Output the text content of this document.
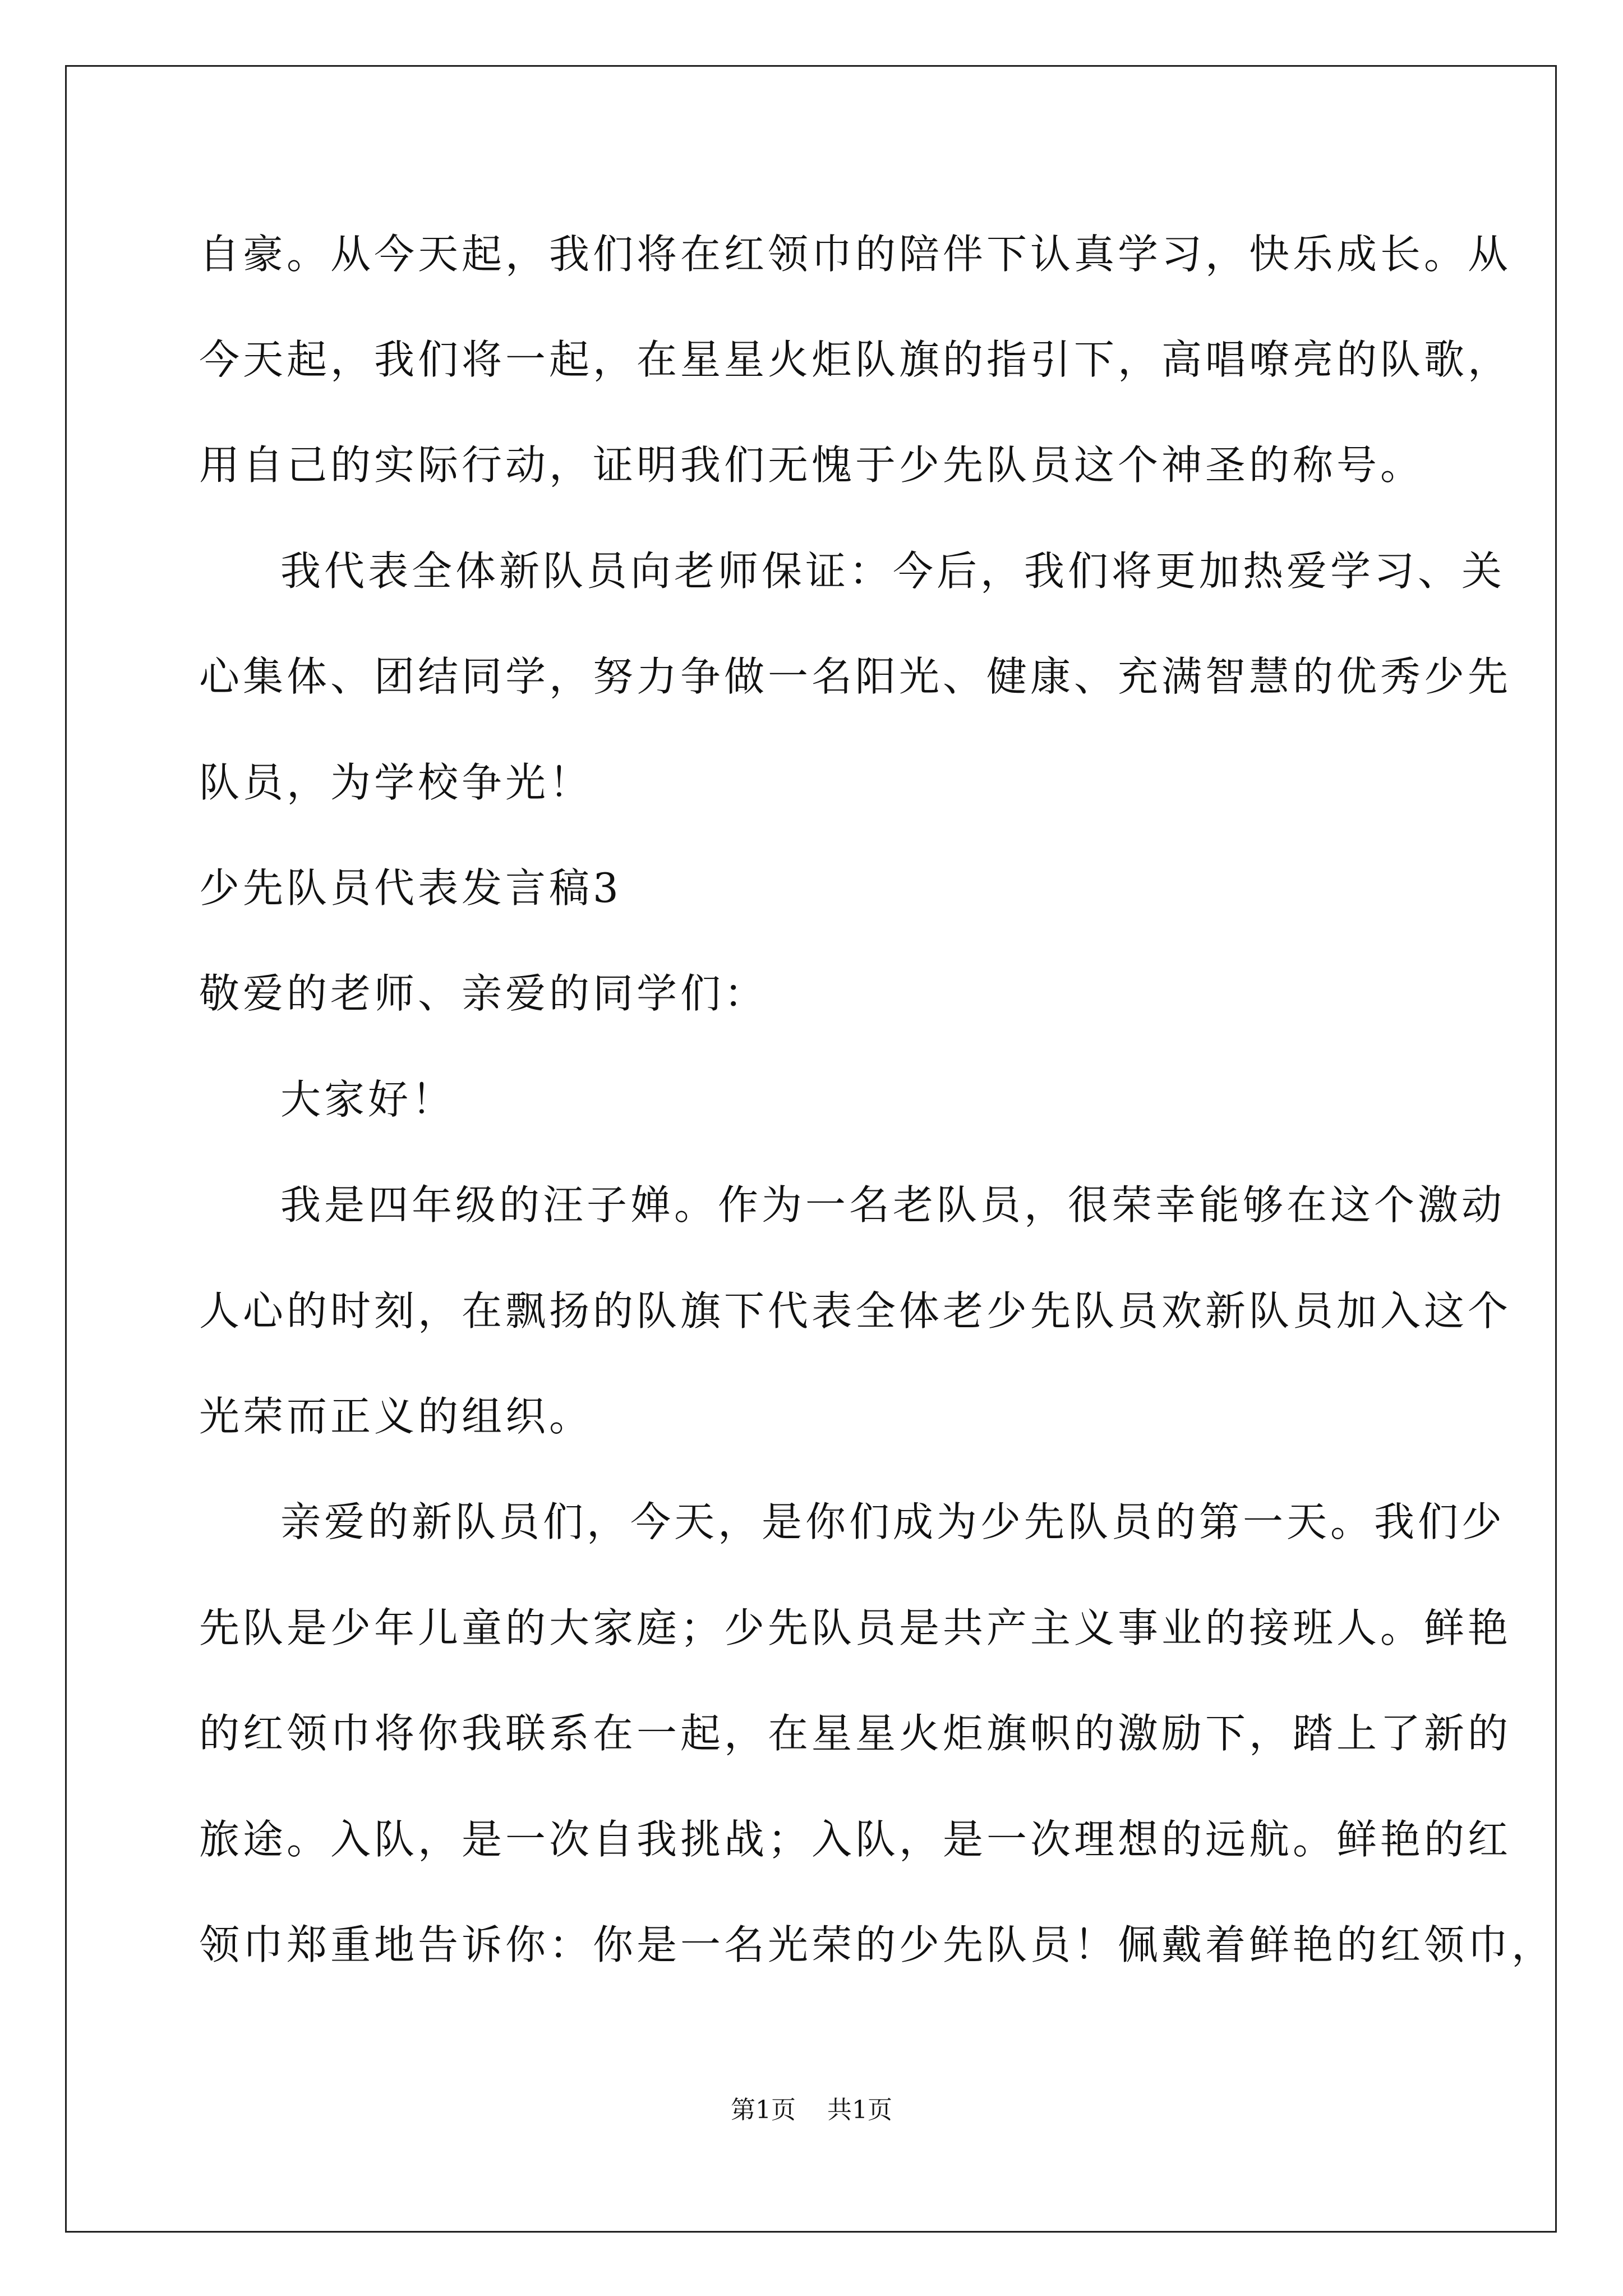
自豪。从今天起，我们将在红领巾的陪伴下认真学习，快乐成长。从
今天起，我们将一起，在星星火炬队旗的指引下，高唱嘹亮的队歌，
用自己的实际行动，证明我们无愧于少先队员这个神圣的称号。
我代表全体新队员向老师保证：今后，我们将更加热爱学习、关
心集体、团结同学，努力争做一名阳光、健康、充满智慧的优秀少先
队员，为学校争光！
少先队员代表发言稿3
敬爱的老师、亲爱的同学们：
大家好！
我是四年级的汪子婵。作为一名老队员，很荣幸能够在这个激动
人心的时刻，在飘扬的队旗下代表全体老少先队员欢新队员加入这个
光荣而正义的组织。
亲爱的新队员们，今天，是你们成为少先队员的第一天。我们少
先队是少年儿童的大家庭；少先队员是共产主义事业的接班人。鲜艳
的红领巾将你我联系在一起，在星星火炬旗帜的激励下，踏上了新的
旅途。入队，是一次自我挑战；入队，是一次理想的远航。鲜艳的红
领巾郑重地告诉你：你是一名光荣的少先队员！佩戴着鲜艳的红领巾，
第1页 共1页
